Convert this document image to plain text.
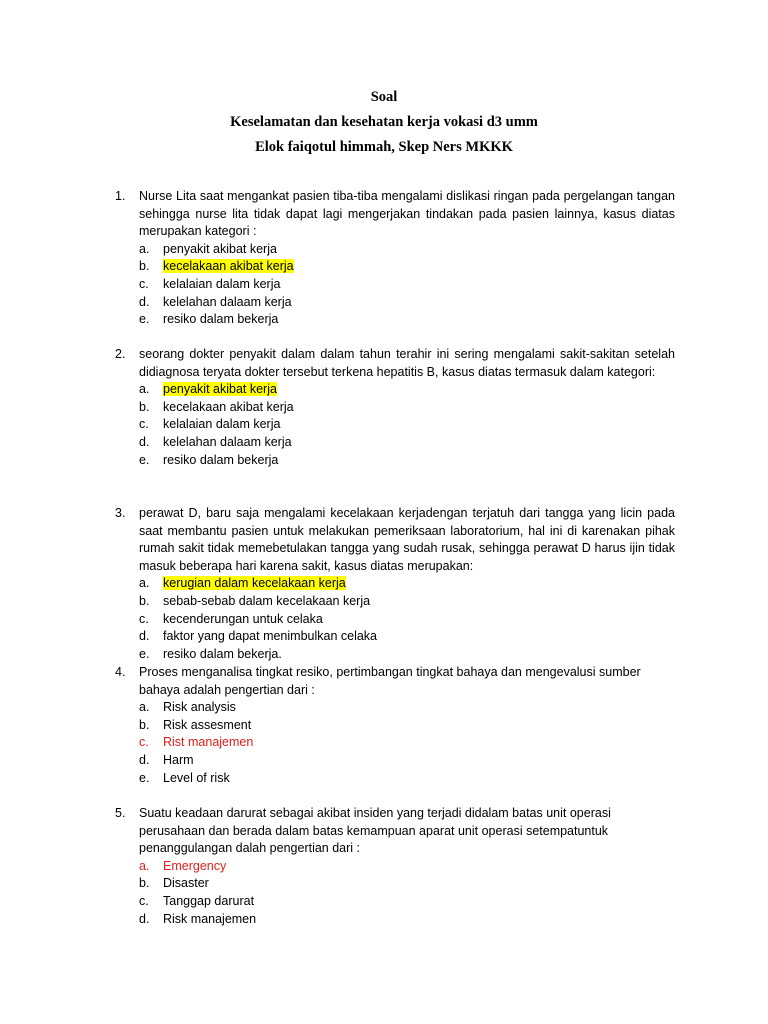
Soal
Keselamatan dan kesehatan kerja vokasi d3 umm
Elok faiqotul himmah, Skep Ners MKKK
1. Nurse Lita saat mengankat pasien tiba-tiba mengalami dislikasi ringan pada pergelangan tangan sehingga nurse lita tidak dapat lagi mengerjakan tindakan pada pasien lainnya, kasus diatas merupakan kategori :
a. penyakit akibat kerja
b. kecelakaan akibat kerja
c. kelalaian dalam kerja
d. kelelahan dalaam kerja
e. resiko dalam bekerja
2. seorang dokter penyakit dalam dalam tahun terahir ini sering mengalami sakit-sakitan setelah didiagnosa teryata dokter tersebut terkena hepatitis B, kasus diatas termasuk dalam kategori:
a. penyakit akibat kerja
b. kecelakaan akibat kerja
c. kelalaian dalam kerja
d. kelelahan dalaam kerja
e. resiko dalam bekerja
3. perawat D, baru saja mengalami kecelakaan kerjadengan terjatuh dari tangga yang licin pada saat membantu pasien untuk melakukan pemeriksaan laboratorium, hal ini di karenakan pihak rumah sakit tidak memebetulakan tangga yang sudah rusak, sehingga perawat D harus ijin tidak masuk beberapa hari karena sakit, kasus diatas merupakan:
a. kerugian dalam kecelakaan kerja
b. sebab-sebab dalam kecelakaan kerja
c. kecenderungan untuk celaka
d. faktor yang dapat menimbulkan celaka
e. resiko dalam bekerja.
4. Proses menganalisa tingkat resiko, pertimbangan tingkat bahaya dan mengevalusi sumber bahaya adalah pengertian dari :
a. Risk analysis
b. Risk assesment
c. Rist manajemen
d. Harm
e. Level of risk
5. Suatu keadaan darurat sebagai akibat insiden yang terjadi didalam batas unit operasi perusahaan dan berada dalam batas kemampuan aparat unit operasi setempatuntuk penanggulangan dalah pengertian dari :
a. Emergency
b. Disaster
c. Tanggap darurat
d. Risk manajemen
